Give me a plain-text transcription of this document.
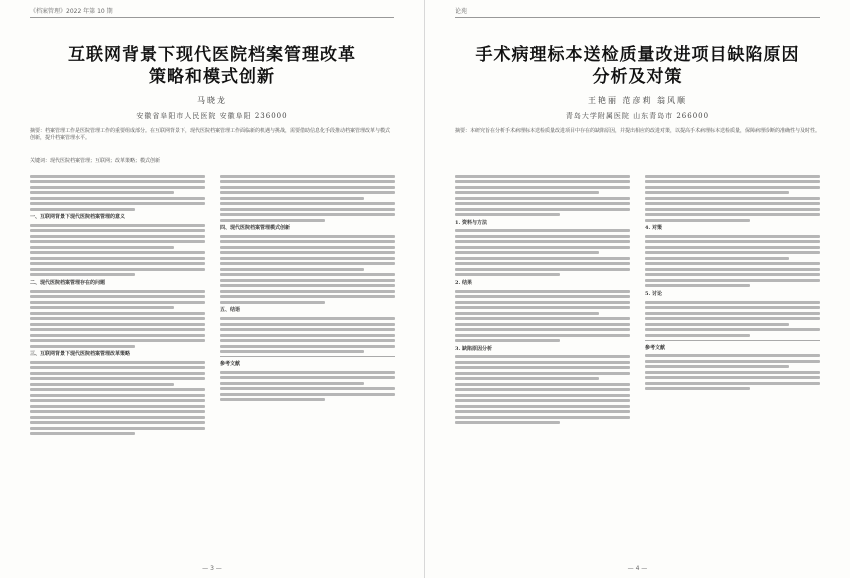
《档案管理》2022 年第 10 期
互联网背景下现代医院档案管理改革
策略和模式创新
马晓龙
安徽省阜阳市人民医院 安徽阜阳 236000
摘要：档案管理工作是医院管理工作的重要组成部分。在互联网背景下，现代医院档案管理工作面临新的机遇与挑战，需要借助信息化手段推动档案管理改革与模式创新，提升档案管理水平。
关键词：现代医院档案管理；互联网；改革策略；模式创新
一、互联网背景下现代医院档案管理的意义
二、现代医院档案管理存在的问题
三、互联网背景下现代医院档案管理改革策略
四、现代医院档案管理模式创新
五、结语
参考文献
— 3 —
论苑
手术病理标本送检质量改进项目缺陷原因
分析及对策
王艳丽 范彦莉 翁风顺
青岛大学附属医院 山东青岛市 266000
摘要：本研究旨在分析手术病理标本送检质量改进项目中存在的缺陷原因，并提出相应的改进对策，以提高手术病理标本送检质量，保障病理诊断的准确性与及时性。
1. 资料与方法
2. 结果
3. 缺陷原因分析
4. 对策
5. 讨论
参考文献
— 4 —
